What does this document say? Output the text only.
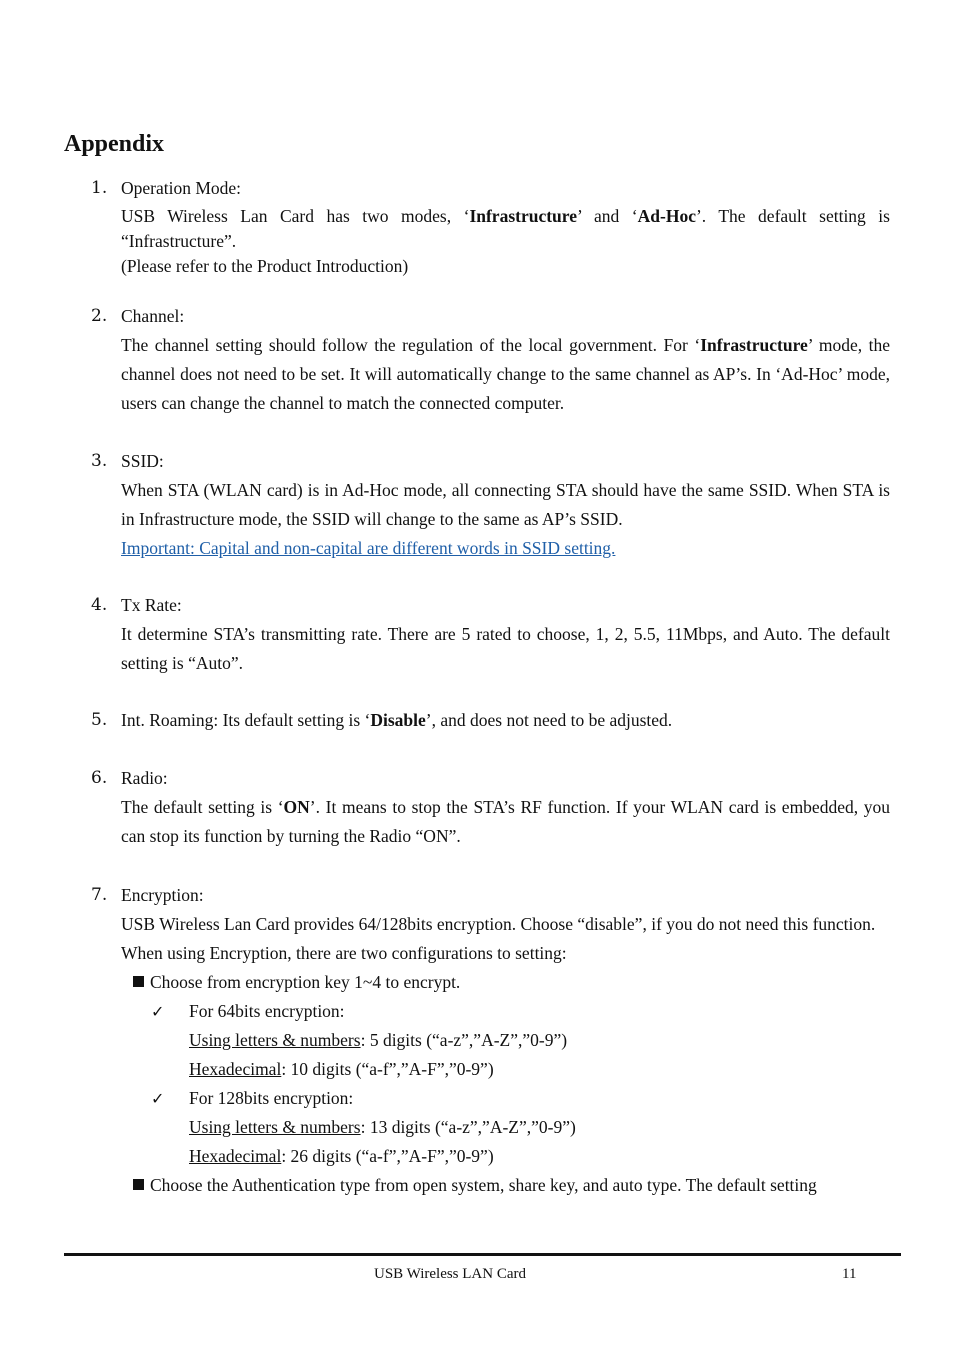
Appendix
1. Operation Mode:
USB Wireless Lan Card has two modes, ‘Infrastructure’ and ‘Ad-Hoc’. The default setting is “Infrastructure”.
(Please refer to the Product Introduction)
2. Channel:
The channel setting should follow the regulation of the local government. For ‘Infrastructure’ mode, the channel does not need to be set. It will automatically change to the same channel as AP’s. In ‘Ad-Hoc’ mode, users can change the channel to match the connected computer.
3. SSID:
When STA (WLAN card) is in Ad-Hoc mode, all connecting STA should have the same SSID. When STA is in Infrastructure mode, the SSID will change to the same as AP’s SSID.
Important: Capital and non-capital are different words in SSID setting.
4. Tx Rate:
It determine STA’s transmitting rate. There are 5 rated to choose, 1, 2, 5.5, 11Mbps, and Auto. The default setting is “Auto”.
5. Int. Roaming: Its default setting is ‘Disable’, and does not need to be adjusted.
6. Radio:
The default setting is ‘ON’. It means to stop the STA’s RF function. If your WLAN card is embedded, you can stop its function by turning the Radio “ON”.
7. Encryption:
USB Wireless Lan Card provides 64/128bits encryption. Choose “disable”, if you do not need this function.
When using Encryption, there are two configurations to setting:
Choose from encryption key 1~4 to encrypt.
✓ For 64bits encryption:
Using letters & numbers: 5 digits (“a-z”,”A-Z”,”0-9”)
Hexadecimal: 10 digits (“a-f”,”A-F”,”0-9”)
✓ For 128bits encryption:
Using letters & numbers: 13 digits (“a-z”,”A-Z”,”0-9”)
Hexadecimal: 26 digits (“a-f”,”A-F”,”0-9”)
Choose the Authentication type from open system, share key, and auto type. The default setting
USB Wireless LAN Card	11
